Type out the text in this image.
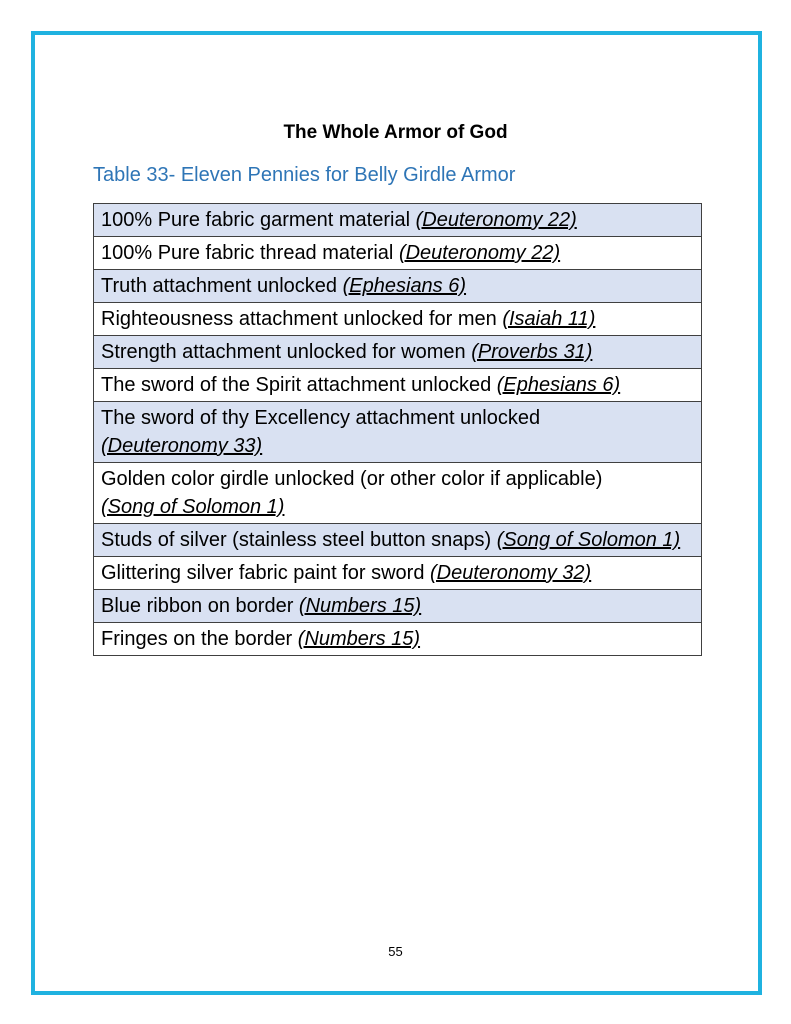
The Whole Armor of God
Table 33- Eleven Pennies for Belly Girdle Armor
100% Pure fabric garment material (Deuteronomy 22)
100% Pure fabric thread material (Deuteronomy 22)
Truth attachment unlocked (Ephesians 6)
Righteousness attachment unlocked for men (Isaiah 11)
Strength attachment unlocked for women (Proverbs 31)
The sword of the Spirit attachment unlocked (Ephesians 6)
The sword of thy Excellency attachment unlocked
(Deuteronomy 33)
Golden color girdle unlocked (or other color if applicable)
(Song of Solomon 1)
Studs of silver (stainless steel button snaps) (Song of Solomon 1)
Glittering silver fabric paint for sword (Deuteronomy 32)
Blue ribbon on border (Numbers 15)
Fringes on the border (Numbers 15)
55
